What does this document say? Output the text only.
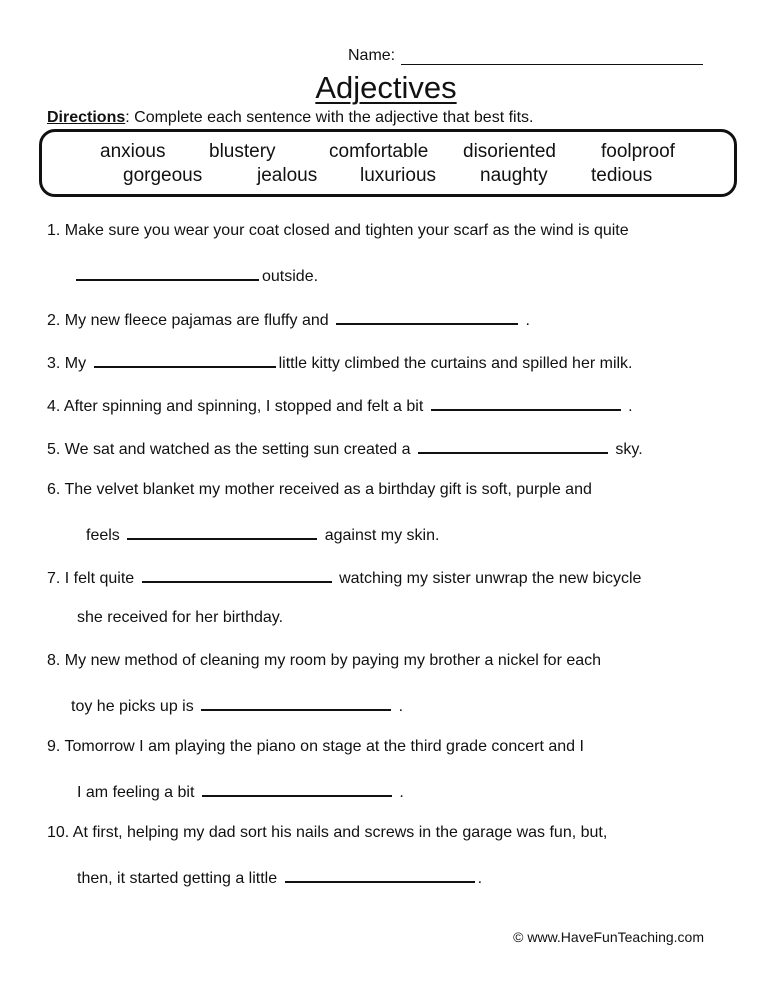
Name:
Adjectives
Directions: Complete each sentence with the adjective that best fits.
anxious blustery	comfortable disoriented foolproof
gorgeous	jealous luxurious naughty tedious
1. Make sure you wear your coat closed and tighten your scarf as the wind is quite
outside.
2. My new fleece pajamas are fluffy and	.
3. My	little kitty climbed the curtains and spilled her milk.
4. After spinning and spinning, I stopped and felt a bit	.
5. We sat and watched as the setting sun created a	sky.
6. The velvet blanket my mother received as a birthday gift is soft, purple and
feels	against my skin.
7. I felt quite	watching my sister unwrap the new bicycle
she received for her birthday.
8. My new method of cleaning my room by paying my brother a nickel for each
toy he picks up is	.
9. Tomorrow I am playing the piano on stage at the third grade concert and I
I am feeling a bit	.
10. At first, helping my dad sort his nails and screws in the garage was fun, but,
then, it started getting a little	.
© www.HaveFunTeaching.com
